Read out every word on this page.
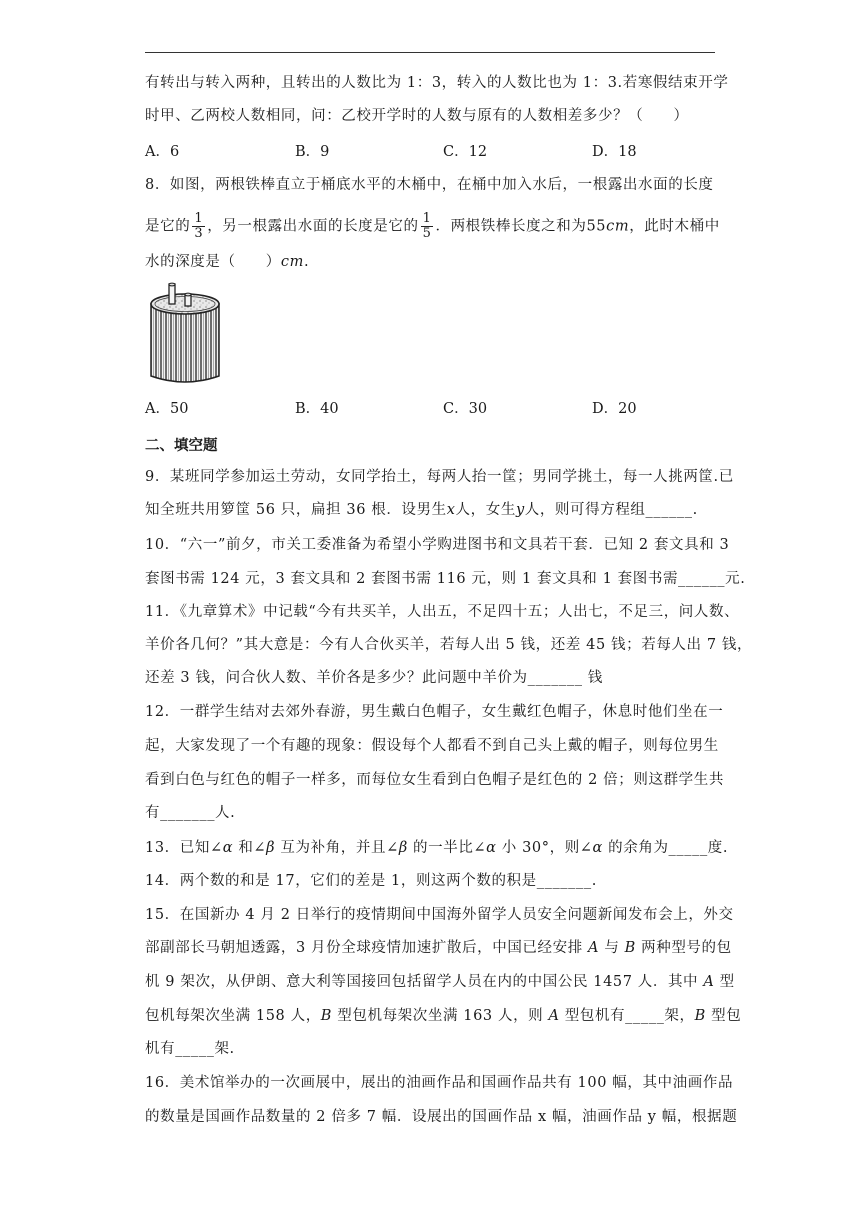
有转出与转入两种，且转出的人数比为 1：3，转入的人数比也为 1：3.若寒假结束开学
时甲、乙两校人数相同，问：乙校开学时的人数与原有的人数相差多少？（　　）
A．6	B．9	C．12	D．18
8．如图，两根铁棒直立于桶底水平的木桶中，在桶中加入水后，一根露出水面的长度
是它的 $\frac{1}{3}$ ，另一根露出水面的长度是它的 $\frac{1}{5}$ ．两根铁棒长度之和为55cm，此时木桶中
水的深度是（　　）cm.
A．50	B．40	C．30	D．20
二、填空题
9．某班同学参加运土劳动，女同学抬土，每两人抬一筐；男同学挑土，每一人挑两筐.已
知全班共用箩筐 56 只，扁担 36 根．设男生x人，女生y人，则可得方程组______.
10．“六一”前夕，市关工委准备为希望小学购进图书和文具若干套．已知 2 套文具和 3
套图书需 124 元，3 套文具和 2 套图书需 116 元，则 1 套文具和 1 套图书需______元.
11．《九章算术》中记载“今有共买羊，人出五，不足四十五；人出七，不足三，问人数、
羊价各几何？”其大意是：今有人合伙买羊，若每人出 5 钱，还差 45 钱；若每人出 7 钱，
还差 3 钱，问合伙人数、羊价各是多少？此问题中羊价为_______ 钱
12．一群学生结对去郊外春游，男生戴白色帽子，女生戴红色帽子，休息时他们坐在一
起，大家发现了一个有趣的现象：假设每个人都看不到自己头上戴的帽子，则每位男生
看到白色与红色的帽子一样多，而每位女生看到白色帽子是红色的 2 倍；则这群学生共
有_______人.
13．已知∠α 和∠β 互为补角，并且∠β 的一半比∠α 小 30°，则∠α 的余角为_____度.
14．两个数的和是 17，它们的差是 1，则这两个数的积是_______.
15．在国新办 4 月 2 日举行的疫情期间中国海外留学人员安全问题新闻发布会上，外交
部副部长马朝旭透露，3 月份全球疫情加速扩散后，中国已经安排 A 与 B 两种型号的包
机 9 架次，从伊朗、意大利等国接回包括留学人员在内的中国公民 1457 人．其中 A 型
包机每架次坐满 158 人，B 型包机每架次坐满 163 人，则 A 型包机有_____架，B 型包
机有_____架.
16．美术馆举办的一次画展中，展出的油画作品和国画作品共有 100 幅，其中油画作品
的数量是国画作品数量的 2 倍多 7 幅．设展出的国画作品 x 幅，油画作品 y 幅，根据题
